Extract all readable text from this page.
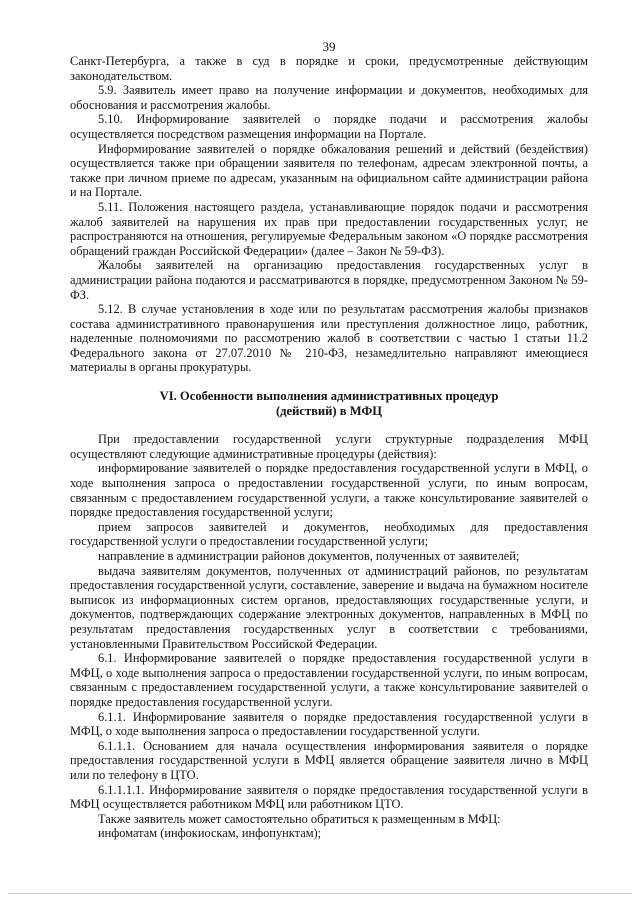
39

Санкт-Петербурга, а также в суд в порядке и сроки, предусмотренные действующим законодательством.

5.9. Заявитель имеет право на получение информации и документов, необходимых для обоснования и рассмотрения жалобы.

5.10. Информирование заявителей о порядке подачи и рассмотрения жалобы осуществляется посредством размещения информации на Портале.

Информирование заявителей о порядке обжалования решений и действий (бездействия) осуществляется также при обращении заявителя по телефонам, адресам электронной почты, а также при личном приеме по адресам, указанным на официальном сайте администрации района и на Портале.

5.11. Положения настоящего раздела, устанавливающие порядок подачи и рассмотрения жалоб заявителей на нарушения их прав при предоставлении государственных услуг, не распространяются на отношения, регулируемые Федеральным законом «О порядке рассмотрения обращений граждан Российской Федерации» (далее – Закон № 59-ФЗ).

Жалобы заявителей на организацию предоставления государственных услуг в администрации района подаются и рассматриваются в порядке, предусмотренном Законом № 59-ФЗ.

5.12. В случае установления в ходе или по результатам рассмотрения жалобы признаков состава административного правонарушения или преступления должностное лицо, работник, наделенные полномочиями по рассмотрению жалоб в соответствии с частью 1 статьи 11.2 Федерального закона от 27.07.2010 № 210-ФЗ, незамедлительно направляют имеющиеся материалы в органы прокуратуры.

VI. Особенности выполнения административных процедур
(действий) в МФЦ

При предоставлении государственной услуги структурные подразделения МФЦ осуществляют следующие административные процедуры (действия):

информирование заявителей о порядке предоставления государственной услуги в МФЦ, о ходе выполнения запроса о предоставлении государственной услуги, по иным вопросам, связанным с предоставлением государственной услуги, а также консультирование заявителей о порядке предоставления государственной услуги;

прием запросов заявителей и документов, необходимых для предоставления государственной услуги о предоставлении государственной услуги;

направление в администрации районов документов, полученных от заявителей;

выдача заявителям документов, полученных от администраций районов, по результатам предоставления государственной услуги, составление, заверение и выдача на бумажном носителе выписок из информационных систем органов, предоставляющих государственные услуги, и документов, подтверждающих содержание электронных документов, направленных в МФЦ по результатам предоставления государственных услуг в соответствии с требованиями, установленными Правительством Российской Федерации.

6.1. Информирование заявителей о порядке предоставления государственной услуги в МФЦ, о ходе выполнения запроса о предоставлении государственной услуги, по иным вопросам, связанным с предоставлением государственной услуги, а также консультирование заявителей о порядке предоставления государственной услуги.

6.1.1. Информирование заявителя о порядке предоставления государственной услуги в МФЦ, о ходе выполнения запроса о предоставлении государственной услуги.

6.1.1.1. Основанием для начала осуществления информирования заявителя о порядке предоставления государственной услуги в МФЦ является обращение заявителя лично в МФЦ или по телефону в ЦТО.

6.1.1.1.1. Информирование заявителя о порядке предоставления государственной услуги в МФЦ осуществляется работником МФЦ или работником ЦТО.

Также заявитель может самостоятельно обратиться к размещенным в МФЦ:

инфоматам (инфокиоскам, инфопунктам);
